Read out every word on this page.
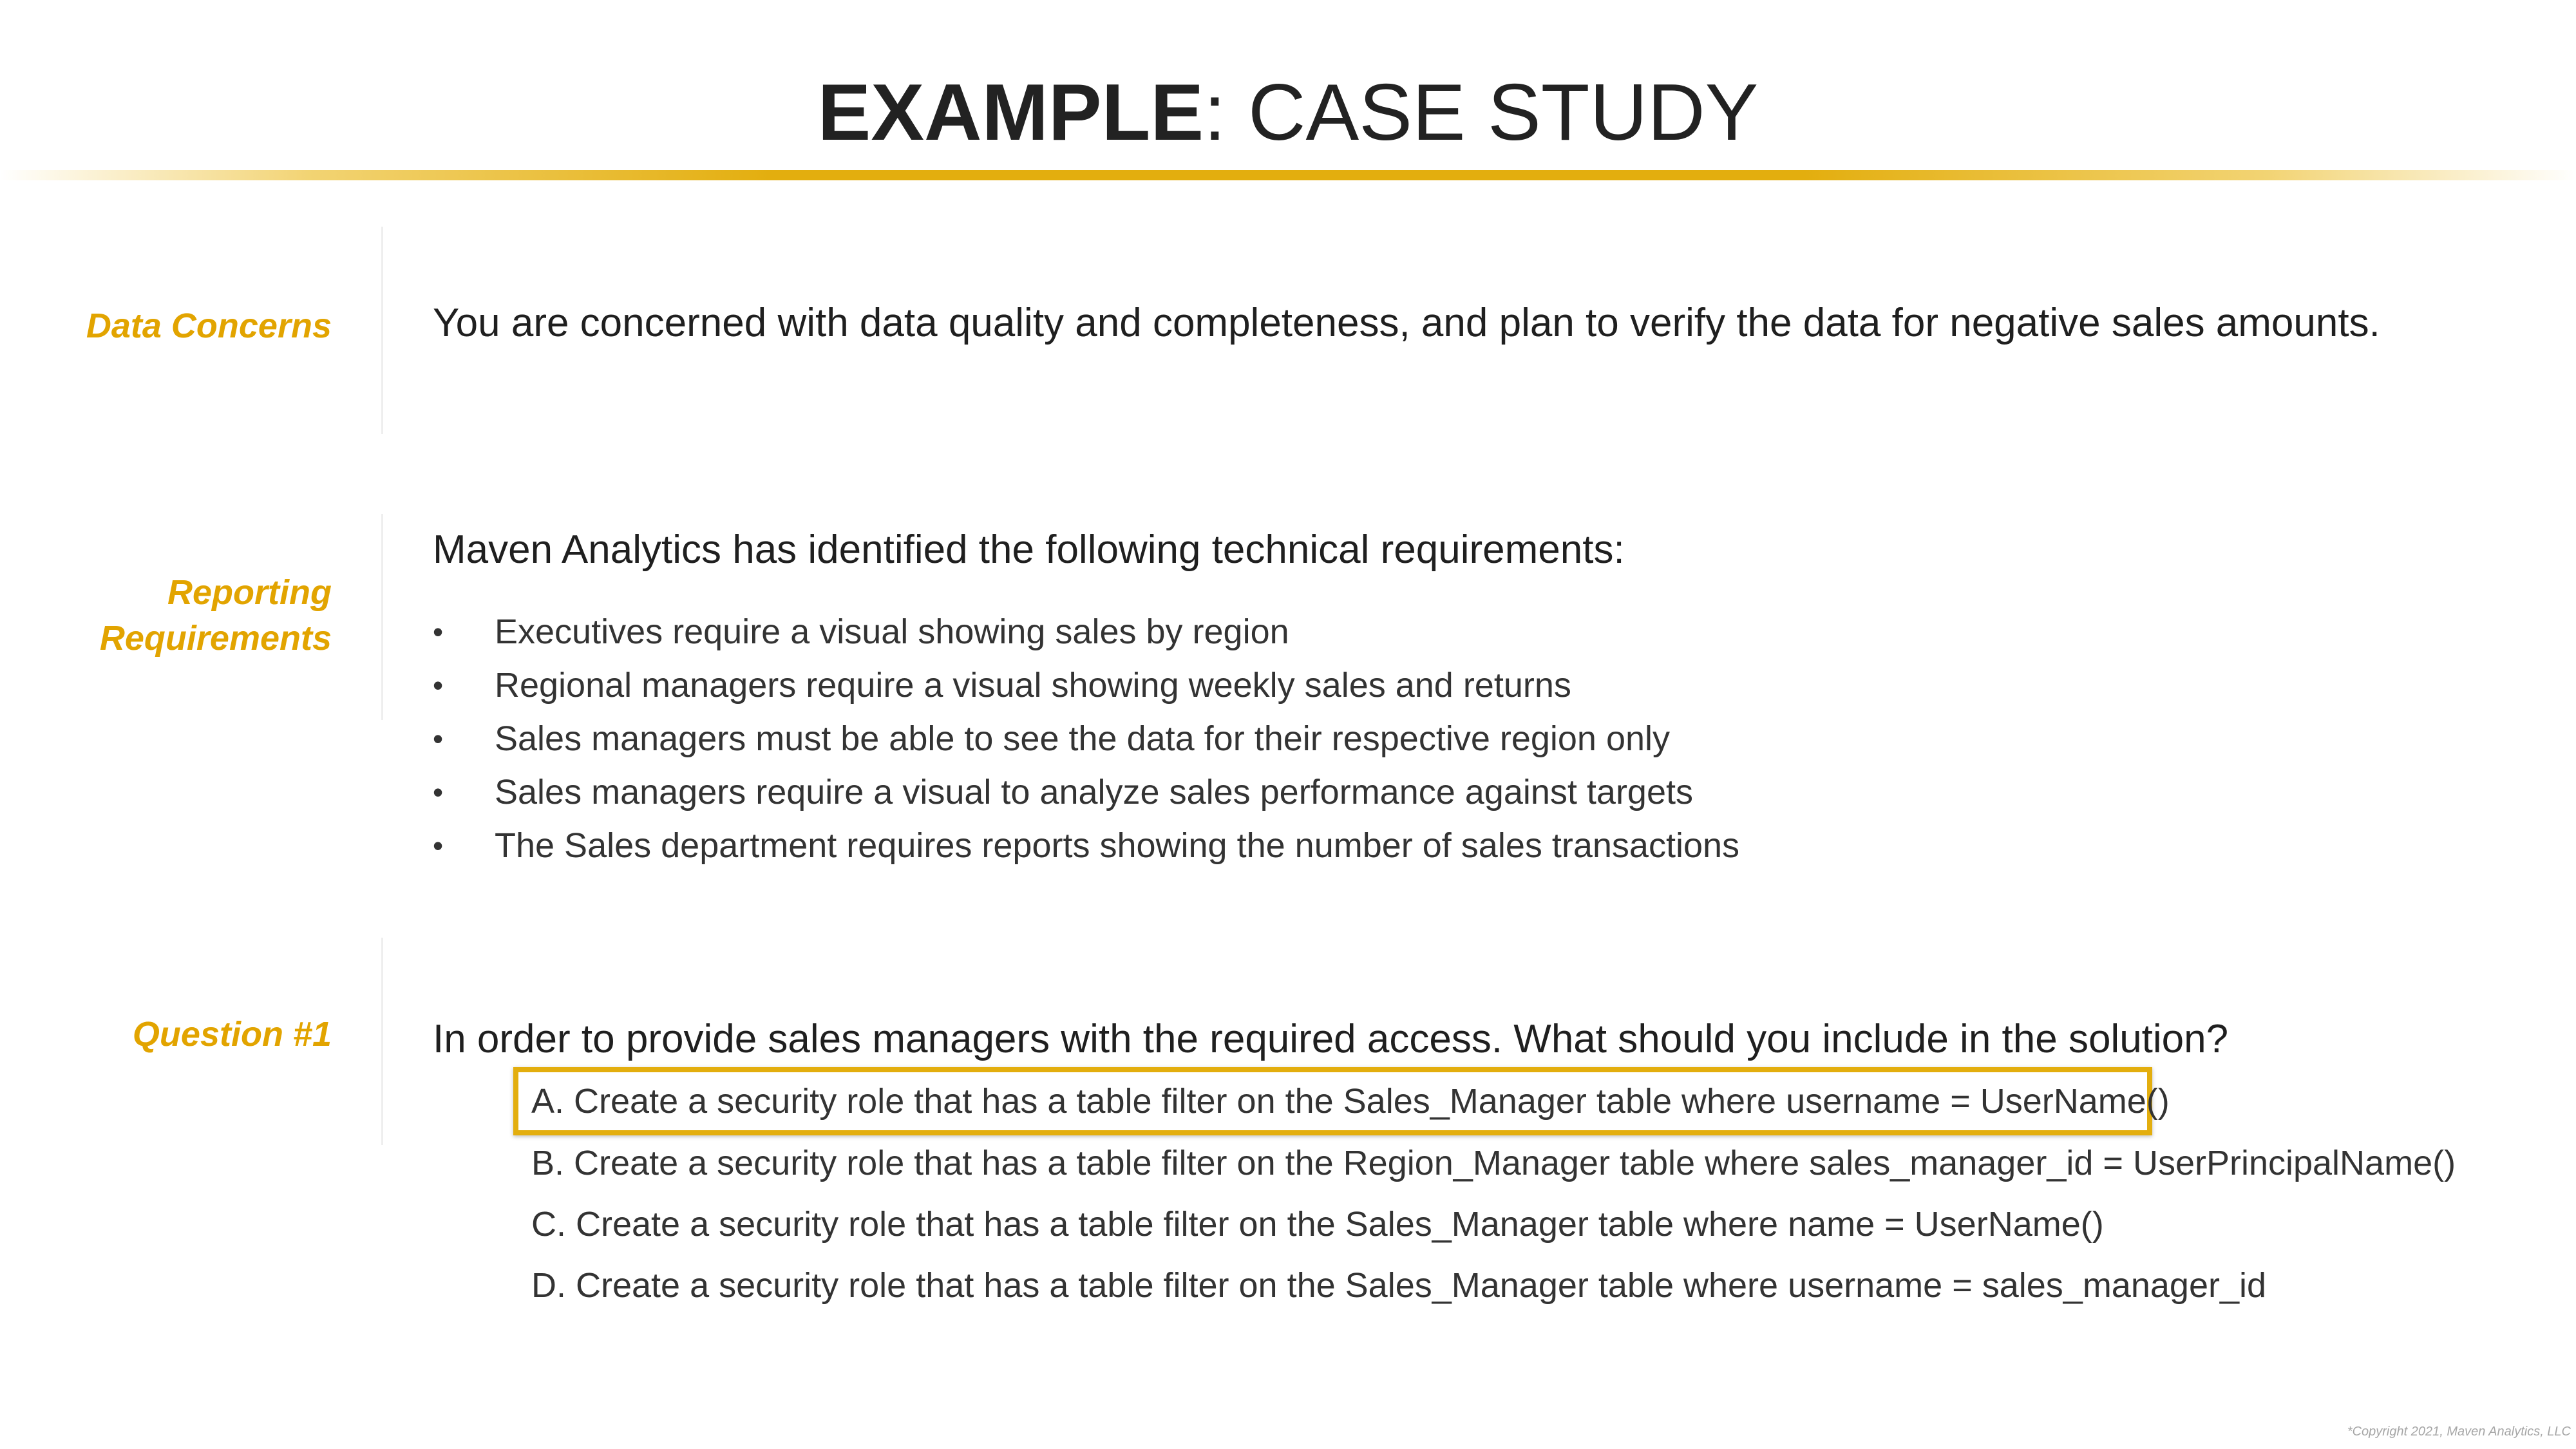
EXAMPLE: CASE STUDY
Data Concerns	You are concerned with data quality and completeness, and plan to verify the data for negative sales amounts.
Reporting
Requirements
Maven Analytics has identified the following technical requirements:
•	Executives require a visual showing sales by region
•	Regional managers require a visual showing weekly sales and returns
•	Sales managers must be able to see the data for their respective region only
•	Sales managers require a visual to analyze sales performance against targets
•	The Sales department requires reports showing the number of sales transactions
Question #1	In order to provide sales managers with the required access. What should you include in the solution?
A. Create a security role that has a table filter on the Sales_Manager table where username = UserName()
B. Create a security role that has a table filter on the Region_Manager table where sales_manager_id = UserPrincipalName()
C. Create a security role that has a table filter on the Sales_Manager table where name = UserName()
D. Create a security role that has a table filter on the Sales_Manager table where username = sales_manager_id
*Copyright 2021, Maven Analytics, LLC
